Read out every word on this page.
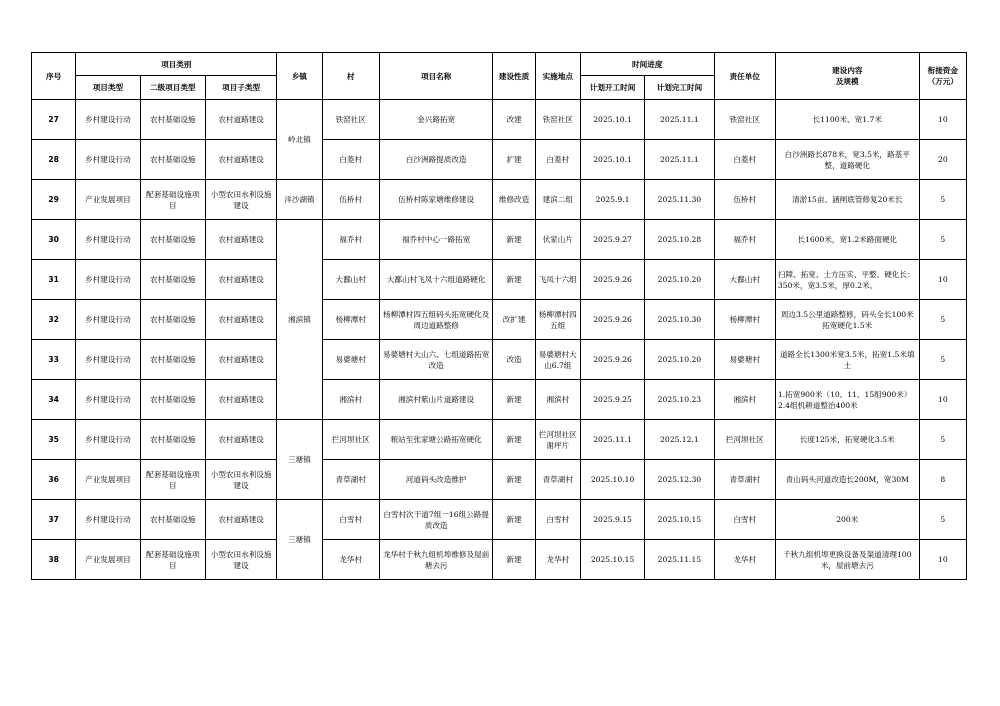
序号	项目类别			乡镇	村	项目名称	建设性质	实施地点	时间进度		责任单位	建设内容
及规模	衔接资金
（万元）
	项目类型	二级项目类型	项目子类型						计划开工时间	计划完工时间			
27	乡村建设行动	农村基础设施	农村道路建设	岭北镇	铁窑社区	金兴路拓宽	改建	铁窑社区	2025.10.1	2025.11.1	铁窑社区	长1100米、宽1.7米	10
28	乡村建设行动	农村基础设施	农村道路建设		白菱村	白沙洲路提质改造	扩建	白菱村	2025.10.1	2025.11.1	白菱村	白沙洲路长878米，宽3.5米，路基平整，道路硬化	20
29	产业发展项目	配套基础设施项目	小型农田水利设施建设	洋沙湖镇	伍桥村	伍桥村陈家塘维修建设	维修改造	建滨二组	2025.9.1	2025.11.30	伍桥村	清淤15亩、涵闸底管修复20米长	5
30	乡村建设行动	农村基础设施	农村道路建设	湘滨镇	福乔村	福乔村中心一路拓宽	新建	伏家山片	2025.9.27	2025.10.28	福乔村	长1600米，宽1.2米路面硬化	5
31	乡村建设行动	农村基础设施	农村道路建设		大鄱山村	大鄱山村飞凤十六组道路硬化	新建	飞凤十六组	2025.9.26	2025.10.20	大鄱山村	扫障、拓宽、土方压实、平整、硬化长：350米，宽3.5米，厚0.2米。	10
32	乡村建设行动	农村基础设施	农村道路建设		杨柳潭村	杨柳潭村四五组码头拓宽硬化及周边道路整修	改扩建	杨柳潭村四五组	2025.9.26	2025.10.30	杨柳潭村	周边3.5公里道路整修，码头全长100米拓宽硬化1.5米	5
33	乡村建设行动	农村基础设施	农村道路建设		易婆塘村	易婆塘村大山六、七组道路拓宽改造	改造	易婆塘村大山6.7组	2025.9.26	2025.10.20	易婆塘村	道路全长1300米宽3.5米，拓宽1.5米填土	5
34	乡村建设行动	农村基础设施	农村道路建设		湘滨村	湘滨村紫山片道路建设	新建	湘滨村	2025.9.25	2025.10.23	湘滨村	1.拓宽900米（10、11、15组900米）
2.4组机耕道整治400米	10
35	乡村建设行动	农村基础设施	农村道路建设	三塘镇	拦河坝社区	粮站至张家塘公路拓宽硬化	新建	拦河坝社区谢坪片	2025.11.1	2025.12.1	拦河坝社区	长度125米，拓宽硬化3.5米	5
36	产业发展项目	配套基础设施项目	小型农田水利设施建设		青草湖村	河道码头改造维护	新建	青草湖村	2025.10.10	2025.12.30	青草湖村	青山码头河道改造长200M，宽30M	8
37	乡村建设行动	农村基础设施	农村道路建设	三塘镇	白雪村	白雪村次干道7组一16组公路提质改造	新建	白雪村	2025.9.15	2025.10.15	白雪村	200米	5
38	产业发展项目	配套基础设施项目	小型农田水利设施建设		龙华村	龙华村千秋九组机埠维修及屋前塘去污	新建	龙华村	2025.10.15	2025.11.15	龙华村	千秋九组机埠更换设备及渠道清理100米，屋前塘去污	10
